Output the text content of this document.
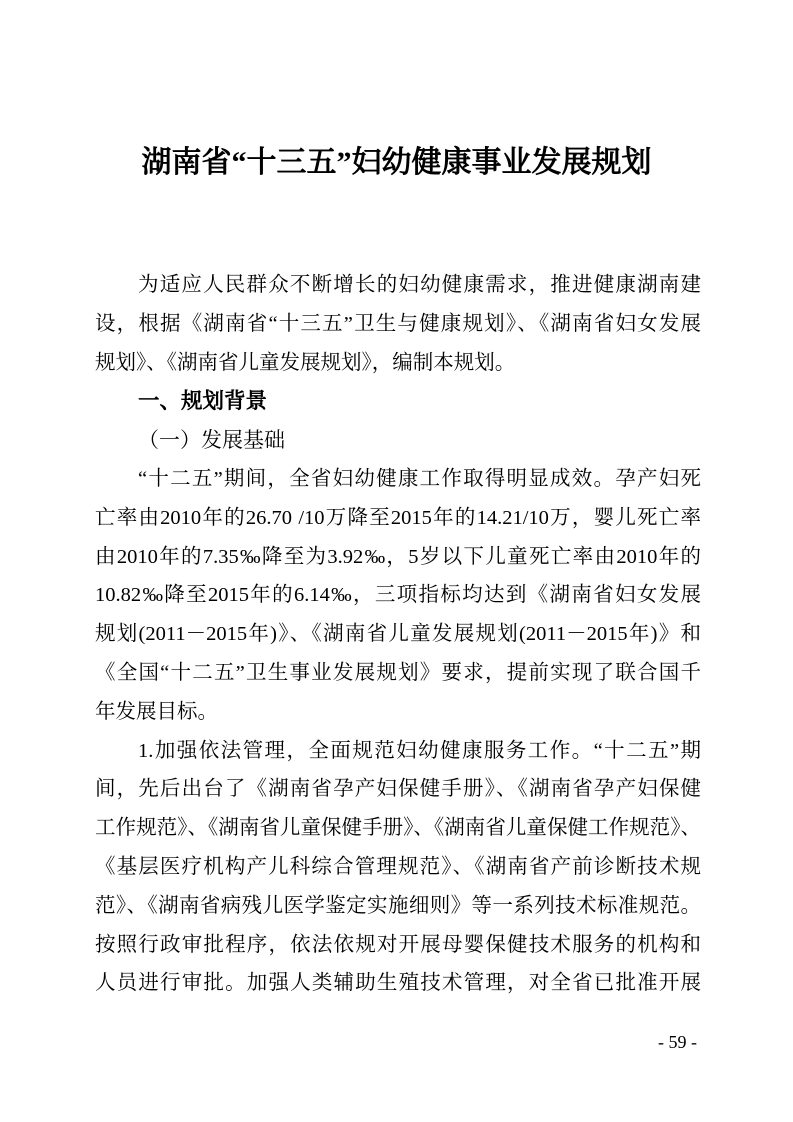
湖南省“十三五”妇幼健康事业发展规划
为适应人民群众不断增长的妇幼健康需求，推进健康湖南建
设，根据《湖南省“十三五”卫生与健康规划》、《湖南省妇女发展
规划》、《湖南省儿童发展规划》，编制本规划。
一、规划背景
（一）发展基础
“十二五”期间，全省妇幼健康工作取得明显成效。孕产妇死
亡率由2010年的26.70 /10万降至2015年的14.21/10万，婴儿死亡率
由2010年的7.35‰降至为3.92‰，5岁以下儿童死亡率由2010年的
10.82‰降至2015年的6.14‰，三项指标均达到《湖南省妇女发展
规划(2011－2015年)》、《湖南省儿童发展规划(2011－2015年)》和
《全国“十二五”卫生事业发展规划》要求，提前实现了联合国千
年发展目标。
1.加强依法管理，全面规范妇幼健康服务工作。“十二五”期
间，先后出台了《湖南省孕产妇保健手册》、《湖南省孕产妇保健
工作规范》、《湖南省儿童保健手册》、《湖南省儿童保健工作规范》、
《基层医疗机构产儿科综合管理规范》、《湖南省产前诊断技术规
范》、《湖南省病残儿医学鉴定实施细则》等一系列技术标准规范。
按照行政审批程序，依法依规对开展母婴保健技术服务的机构和
人员进行审批。加强人类辅助生殖技术管理，对全省已批准开展
- 59 -
